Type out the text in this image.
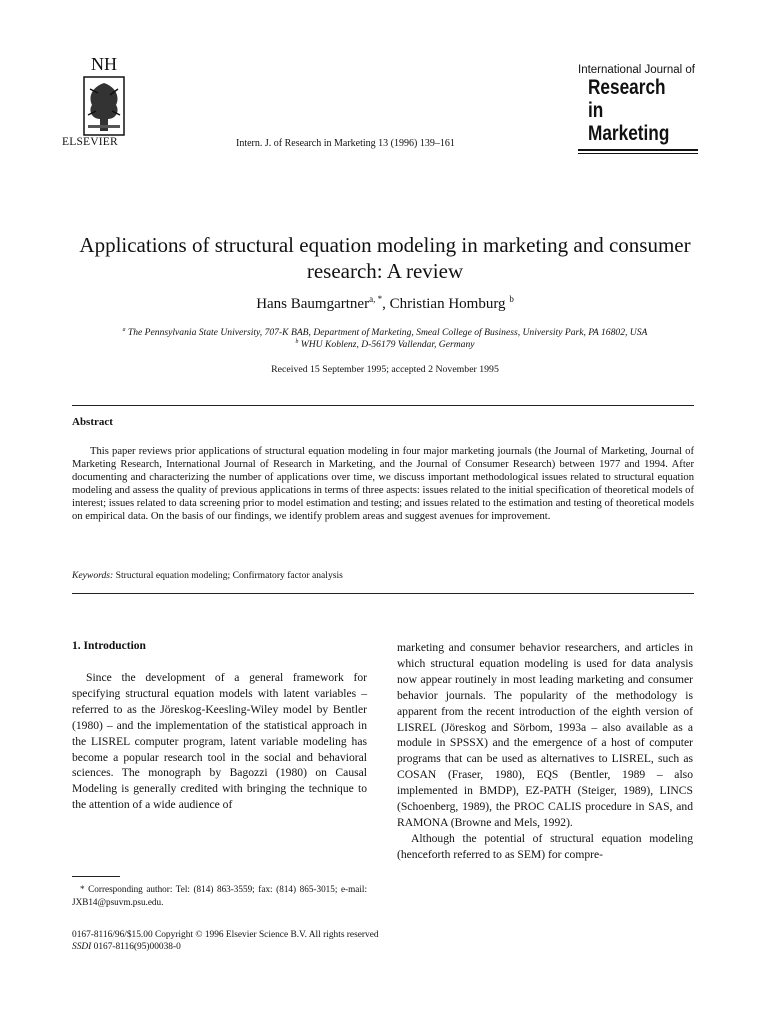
NH
ELSEVIER	Intern. J. of Research in Marketing 13 (1996) 139–161
International Journal of
Research in
Marketing
Applications of structural equation modeling in marketing and consumer research: A review
Hans Baumgartner$^{a, *}$, Christian Homburg $^b$
$^a$ The Pennsylvania State University, 707-K BAB, Department of Marketing, Smeal College of Business, University Park, PA 16802, USA
$^b$ WHU Koblenz, D-56179 Vallendar, Germany
Received 15 September 1995; accepted 2 November 1995
Abstract
This paper reviews prior applications of structural equation modeling in four major marketing journals (the Journal of Marketing, Journal of Marketing Research, International Journal of Research in Marketing, and the Journal of Consumer Research) between 1977 and 1994. After documenting and characterizing the number of applications over time, we discuss important methodological issues related to structural equation modeling and assess the quality of previous applications in terms of three aspects: issues related to the initial specification of theoretical models of interest; issues related to data screening prior to model estimation and testing; and issues related to the estimation and testing of theoretical models on empirical data. On the basis of our findings, we identify problem areas and suggest avenues for improvement.
Keywords: Structural equation modeling; Confirmatory factor analysis
1. Introduction
Since the development of a general framework for specifying structural equation models with latent variables – referred to as the Jöreskog-Keesling-Wiley model by Bentler (1980) – and the implementation of the statistical approach in the LISREL computer program, latent variable modeling has become a popular research tool in the social and behavioral sciences. The monograph by Bagozzi (1980) on Causal Modeling is generally credited with bringing the technique to the attention of a wide audience of
marketing and consumer behavior researchers, and articles in which structural equation modeling is used for data analysis now appear routinely in most leading marketing and consumer behavior journals. The popularity of the methodology is apparent from the recent introduction of the eighth version of LISREL (Jöreskog and Sörbom, 1993a – also available as a module in SPSSX) and the emergence of a host of computer programs that can be used as alternatives to LISREL, such as COSAN (Fraser, 1980), EQS (Bentler, 1989 – also implemented in BMDP), EZ-PATH (Steiger, 1989), LINCS (Schoenberg, 1989), the PROC CALIS procedure in SAS, and RAMONA (Browne and Mels, 1992).
Although the potential of structural equation modeling (henceforth referred to as SEM) for compre-
* Corresponding author: Tel: (814) 863-3559; fax: (814) 865-3015; e-mail: JXB14@psuvm.psu.edu.
0167-8116/96/$15.00 Copyright © 1996 Elsevier Science B.V. All rights reserved
SSDI 0167-8116(95)00038-0
